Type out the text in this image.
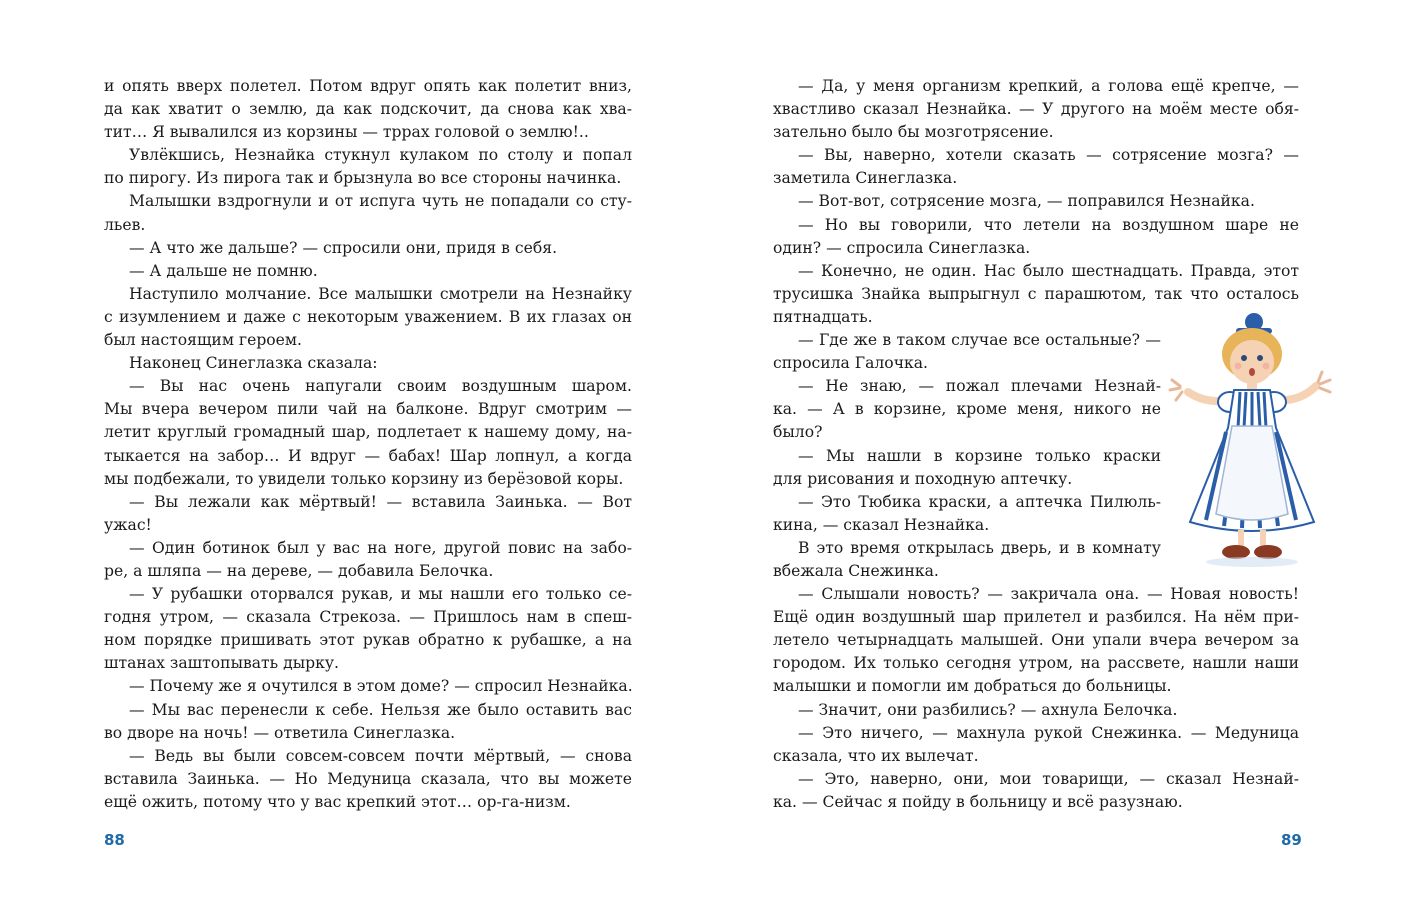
и опять вверх полетел. Потом вдруг опять как полетит вниз,
да как хватит о землю, да как подскочит, да снова как хва-
тит… Я вывалился из корзины — тррах головой о землю!..
Увлёкшись, Незнайка стукнул кулаком по столу и попал
по пирогу. Из пирога так и брызнула во все стороны начинка.
Малышки вздрогнули и от испуга чуть не попадали со сту-
льев.
— А что же дальше? — спросили они, придя в себя.
— А дальше не помню.
Наступило молчание. Все малышки смотрели на Незнайку
с изумлением и даже с некоторым уважением. В их глазах он
был настоящим героем.
Наконец Синеглазка сказала:
— Вы нас очень напугали своим воздушным шаром.
Мы вчера вечером пили чай на балконе. Вдруг смотрим —
летит круглый громадный шар, подлетает к нашему дому, на-
тыкается на забор… И вдруг — бабах! Шар лопнул, а когда
мы подбежали, то увидели только корзину из берёзовой коры.
— Вы лежали как мёртвый! — вставила Заинька. — Вот
ужас!
— Один ботинок был у вас на ноге, другой повис на забо-
ре, а шляпа — на дереве, — добавила Белочка.
— У рубашки оторвался рукав, и мы нашли его только се-
годня утром, — сказала Стрекоза. — Пришлось нам в спеш-
ном порядке пришивать этот рукав обратно к рубашке, а на
штанах заштопывать дырку.
— Почему же я очутился в этом доме? — спросил Незнайка.
— Мы вас перенесли к себе. Нельзя же было оставить вас
во дворе на ночь! — ответила Синеглазка.
— Ведь вы были совсем-совсем почти мёртвый, — снова
вставила Заинька. — Но Медуница сказала, что вы можете
ещё ожить, потому что у вас крепкий этот… ор-га-низм.
— Да, у меня организм крепкий, а голова ещё крепче, —
хвастливо сказал Незнайка. — У другого на моём месте обя-
зательно было бы мозготрясение.
— Вы, наверно, хотели сказать — сотрясение мозга? —
заметила Синеглазка.
— Вот-вот, сотрясение мозга, — поправился Незнайка.
— Но вы говорили, что летели на воздушном шаре не
один? — спросила Синеглазка.
— Конечно, не один. Нас было шестнадцать. Правда, этот
трусишка Знайка выпрыгнул с парашютом, так что осталось
пятнадцать.
— Где же в таком случае все остальные? —
спросила Галочка.
— Не знаю, — пожал плечами Незнай-
ка. — А в корзине, кроме меня, никого не
было?
— Мы нашли в корзине только краски
для рисования и походную аптечку.
— Это Тюбика краски, а аптечка Пилюль-
кина, — сказал Незнайка.
В это время открылась дверь, и в комнату
вбежала Снежинка.
— Слышали новость? — закричала она. — Новая новость!
Ещё один воздушный шар прилетел и разбился. На нём при-
летело четырнадцать малышей. Они упали вчера вечером за
городом. Их только сегодня утром, на рассвете, нашли наши
малышки и помогли им добраться до больницы.
— Значит, они разбились? — ахнула Белочка.
— Это ничего, — махнула рукой Снежинка. — Медуница
сказала, что их вылечат.
— Это, наверно, они, мои товарищи, — сказал Незнай-
ка. — Сейчас я пойду в больницу и всё разузнаю.
88	89
